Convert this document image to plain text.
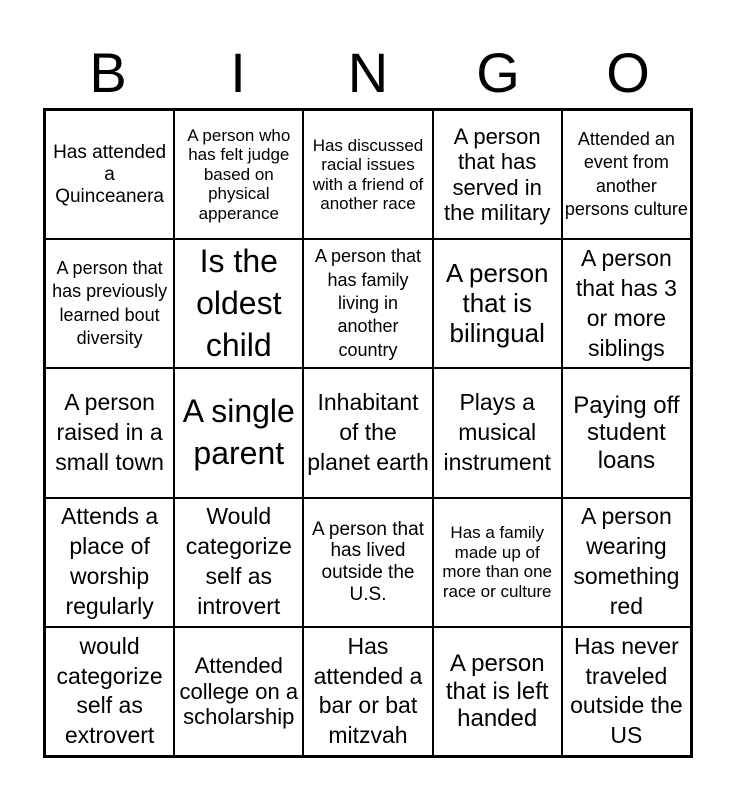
B	I	N	G	O
Has attended a Quinceanera
A person who has felt judge based on physical apperance
Has discussed racial issues with a friend of another race
A person that has served in the military
Attended an event from another persons culture
A person that has previously learned bout diversity
Is the oldest child
A person that has family living in another country
A person that is bilingual
A person that has 3 or more siblings
A person raised in a small town
A single parent
Inhabitant of the planet earth
Plays a musical instrument
Paying off student loans
Attends a place of worship regularly
Would categorize self as introvert
A person that has lived outside the U.S.
Has a family made up of more than one race or culture
A person wearing something red
would categorize self as extrovert
Attended college on a scholarship
Has attended a bar or bat mitzvah
A person that is left handed
Has never traveled outside the US
